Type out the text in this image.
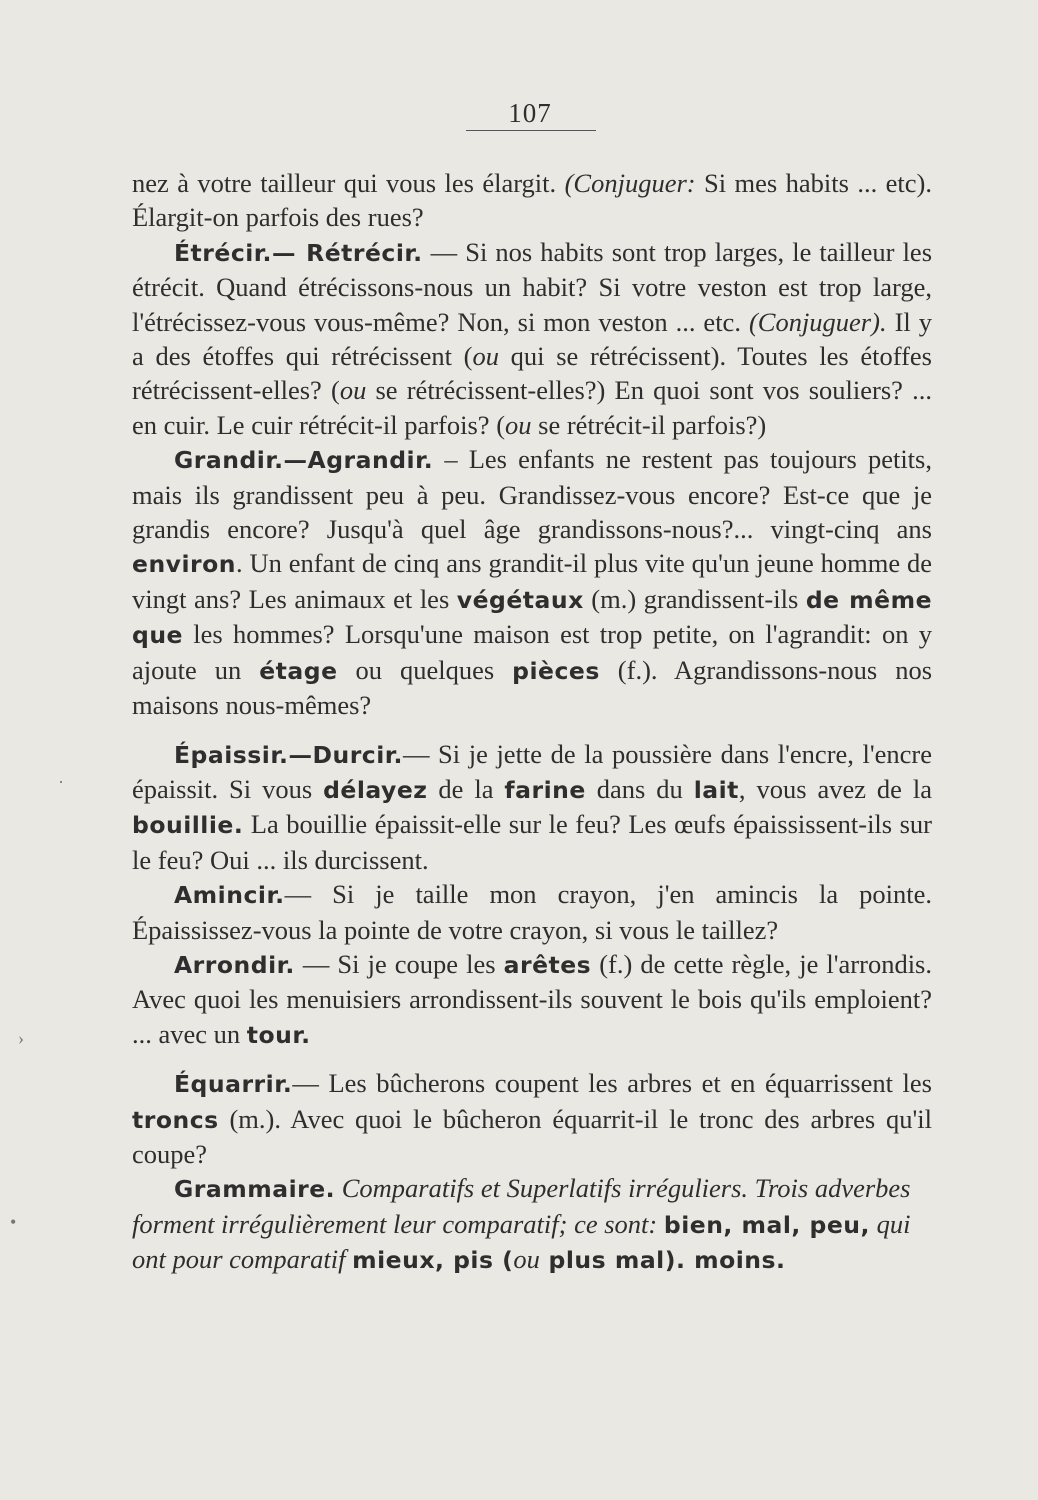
107

nez à votre tailleur qui vous les élargit. (Conjuguer: Si mes habits ... etc). Élargit-on parfois des rues?

Étrécir.— Rétrécir. — Si nos habits sont trop larges, le tailleur les étrécit. Quand étrécissons-nous un habit? Si votre veston est trop large, l'étrécissez-vous vous-même? Non, si mon veston ... etc. (Conjuguer). Il y a des étoffes qui rétrécissent (ou qui se rétrécissent). Toutes les étoffes rétrécissent-elles? (ou se rétrécissent-elles?) En quoi sont vos souliers? ... en cuir. Le cuir rétrécit-il parfois? (ou se rétrécit-il parfois?)

Grandir.—Agrandir. – Les enfants ne restent pas toujours petits, mais ils grandissent peu à peu. Grandissez-vous encore? Est-ce que je grandis encore? Jusqu'à quel âge grandissons-nous?... vingt-cinq ans environ. Un enfant de cinq ans grandit-il plus vite qu'un jeune homme de vingt ans? Les animaux et les végétaux (m.) grandissent-ils de même que les hommes? Lorsqu'une maison est trop petite, on l'agrandit: on y ajoute un étage ou quelques pièces (f.). Agrandissons-nous nos maisons nous-mêmes?

Épaissir.—Durcir.— Si je jette de la poussière dans l'encre, l'encre épaissit. Si vous délayez de la farine dans du lait, vous avez de la bouillie. La bouillie épaissit-elle sur le feu? Les œufs épaississent-ils sur le feu? Oui ... ils durcissent.

Amincir.–– Si je taille mon crayon, j'en amincis la pointe. Épaississez-vous la pointe de votre crayon, si vous le taillez?

Arrondir. — Si je coupe les arêtes (f.) de cette règle, je l'arrondis. Avec quoi les menuisiers arrondissent-ils souvent le bois qu'ils emploient? ... avec un tour.

Équarrir.— Les bûcherons coupent les arbres et en équarrissent les troncs (m.). Avec quoi le bûcheron équarrit-il le tronc des arbres qu'il coupe?

Grammaire. Comparatifs et Superlatifs irréguliers. Trois adverbes forment irrégulièrement leur comparatif; ce sont: bien, mal, peu, qui ont pour comparatif mieux, pis (ou plus mal). moins.

›
•
·
